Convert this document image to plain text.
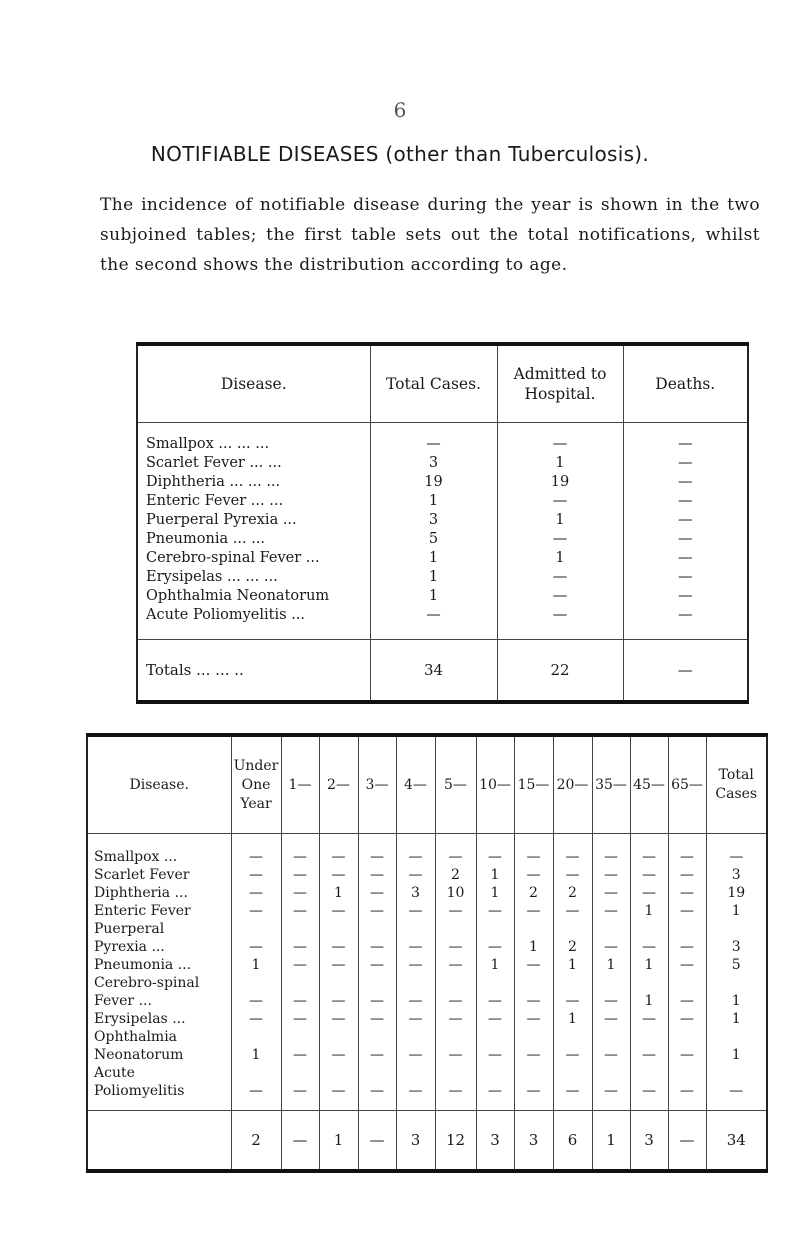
6
NOTIFIABLE DISEASES (other than Tuberculosis).
The incidence of notifiable disease during the year is shown in the two subjoined tables; the first table sets out the total notifications, whilst the second shows the distribution according to age.
Disease.	Total Cases.	Admitted to Hospital.	Deaths.
Smallpox ... ... ...	—	—	—
Scarlet Fever ... ...	3	1	—
Diphtheria ... ... ...	19	19	—
Enteric Fever ... ...	1	—	—
Puerperal Pyrexia ...	3	1	—
Pneumonia ... ...	5	—	—
Cerebro-spinal Fever ...	1	1	—
Erysipelas ... ... ...	1	—	—
Ophthalmia Neonatorum	1	—	—
Acute Poliomyelitis ...	—	—	—
Totals ... ... ..	34	22	—
Disease.	Under One Year	1—	2—	3—	4—	5—	10—	15—	20—	35—	45—	65—	Total Cases
Smallpox ...	—	—	—	—	—	—	—	—	—	—	—	—	—
Scarlet Fever	—	—	—	—	—	2	1	—	—	—	—	—	3
Diphtheria ...	—	—	1	—	3	10	1	2	2	—	—	—	19
Enteric Fever	—	—	—	—	—	—	—	—	—	—	1	—	1
Puerperal													
Pyrexia ...	—	—	—	—	—	—	—	1	2	—	—	—	3
Pneumonia ...	1	—	—	—	—	—	1	—	1	1	1	—	5
Cerebro-spinal													
Fever ...	—	—	—	—	—	—	—	—	—	—	1	—	1
Erysipelas ...	—	—	—	—	—	—	—	—	1	—	—	—	1
Ophthalmia													
Neonatorum	1	—	—	—	—	—	—	—	—	—	—	—	1
Acute													
Poliomyelitis	—	—	—	—	—	—	—	—	—	—	—	—	—
	2	—	1	—	3	12	3	3	6	1	3	—	34
